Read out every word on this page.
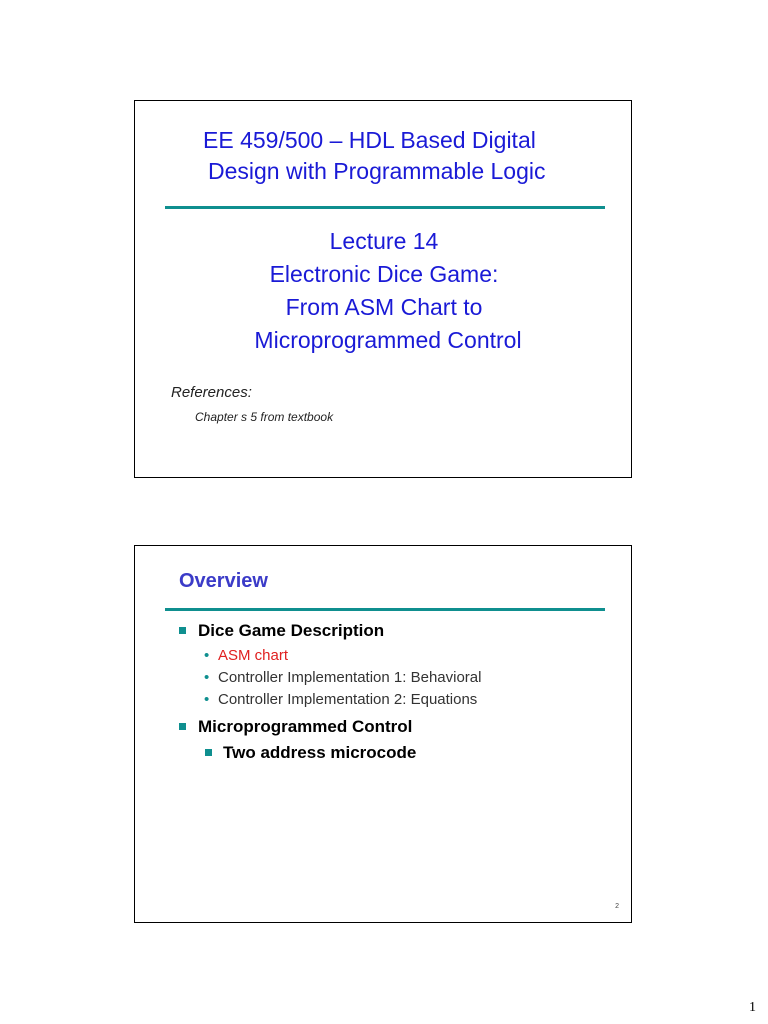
EE 459/500 – HDL Based Digital
Design with Programmable Logic
Lecture 14
Electronic Dice Game:
From ASM Chart to
Microprogrammed Control
References:
Chapter s 5 from textbook
Overview
Dice Game Description
• ASM chart
• Controller Implementation 1: Behavioral
• Controller Implementation 2: Equations
Microprogrammed Control
Two address microcode
2
1
